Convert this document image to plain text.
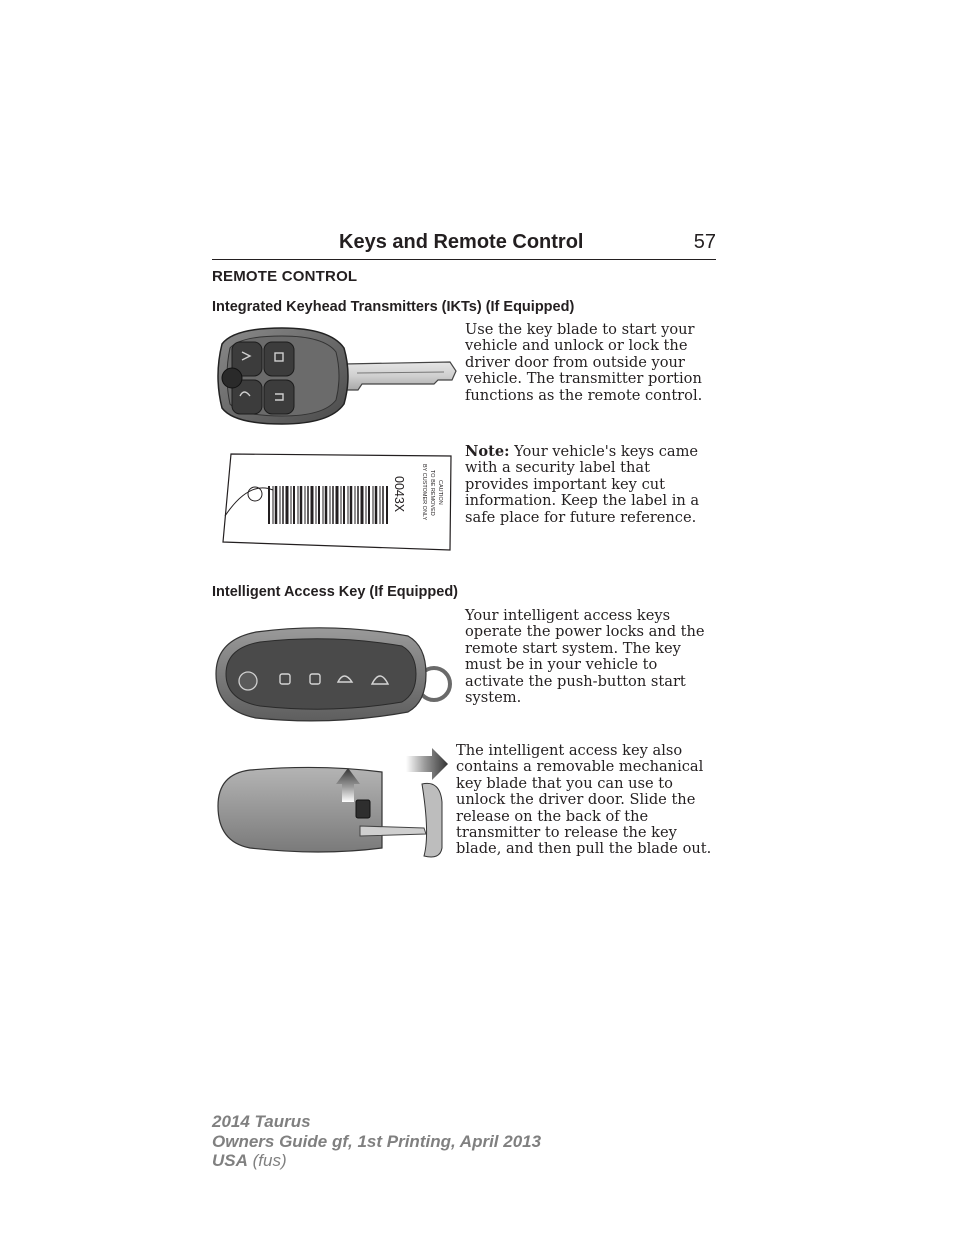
Keys and Remote Control	57
REMOTE CONTROL
Integrated Keyhead Transmitters (IKTs) (If Equipped)
Use the key blade to start your vehicle and unlock or lock the driver door from outside your vehicle. The transmitter portion functions as the remote control.
0043X	CAUTION
TO BE REMOVED
BY CUSTOMER ONLY
Note: Your vehicle's keys came with a security label that provides important key cut information. Keep the label in a safe place for future reference.
Intelligent Access Key (If Equipped)
Your intelligent access keys operate the power locks and the remote start system. The key must be in your vehicle to activate the push-button start system.
The intelligent access key also contains a removable mechanical key blade that you can use to unlock the driver door. Slide the release on the back of the transmitter to release the key blade, and then pull the blade out.
2014 Taurus
Owners Guide gf, 1st Printing, April 2013
USA (fus)
